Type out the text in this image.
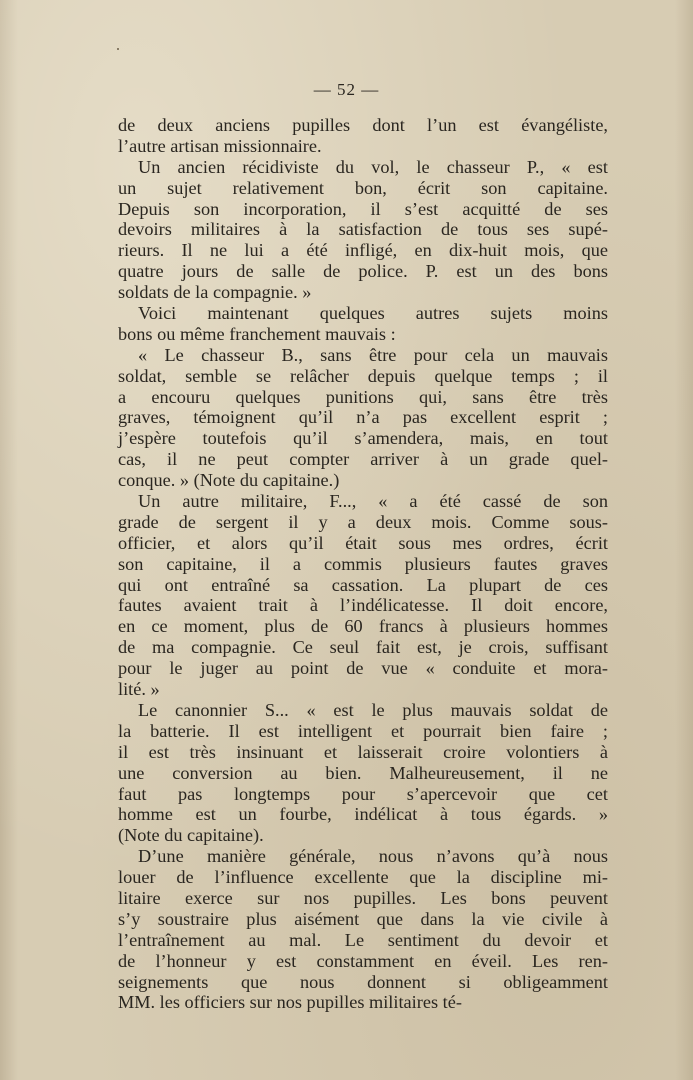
— 52 —
de deux anciens pupilles dont l’un est évangéliste,
l’autre artisan missionnaire.
Un ancien récidiviste du vol, le chasseur P., « est
un sujet relativement bon, écrit son capitaine.
Depuis son incorporation, il s’est acquitté de ses
devoirs militaires à la satisfaction de tous ses supé-
rieurs. Il ne lui a été infligé, en dix-huit mois, que
quatre jours de salle de police. P. est un des bons
soldats de la compagnie. »
Voici maintenant quelques autres sujets moins
bons ou même franchement mauvais :
« Le chasseur B., sans être pour cela un mauvais
soldat, semble se relâcher depuis quelque temps ; il
a encouru quelques punitions qui, sans être très
graves, témoignent qu’il n’a pas excellent esprit ;
j’espère toutefois qu’il s’amendera, mais, en tout
cas, il ne peut compter arriver à un grade quel-
conque. » (Note du capitaine.)
Un autre militaire, F..., « a été cassé de son
grade de sergent il y a deux mois. Comme sous-
officier, et alors qu’il était sous mes ordres, écrit
son capitaine, il a commis plusieurs fautes graves
qui ont entraîné sa cassation. La plupart de ces
fautes avaient trait à l’indélicatesse. Il doit encore,
en ce moment, plus de 60 francs à plusieurs hommes
de ma compagnie. Ce seul fait est, je crois, suffisant
pour le juger au point de vue « conduite et mora-
lité. »
Le canonnier S... « est le plus mauvais soldat de
la batterie. Il est intelligent et pourrait bien faire ;
il est très insinuant et laisserait croire volontiers à
une conversion au bien. Malheureusement, il ne
faut pas longtemps pour s’apercevoir que cet
homme est un fourbe, indélicat à tous égards. »
(Note du capitaine).
D’une manière générale, nous n’avons qu’à nous
louer de l’influence excellente que la discipline mi-
litaire exerce sur nos pupilles. Les bons peuvent
s’y soustraire plus aisément que dans la vie civile à
l’entraînement au mal. Le sentiment du devoir et
de l’honneur y est constamment en éveil. Les ren-
seignements que nous donnent si obligeamment
MM. les officiers sur nos pupilles militaires té-
